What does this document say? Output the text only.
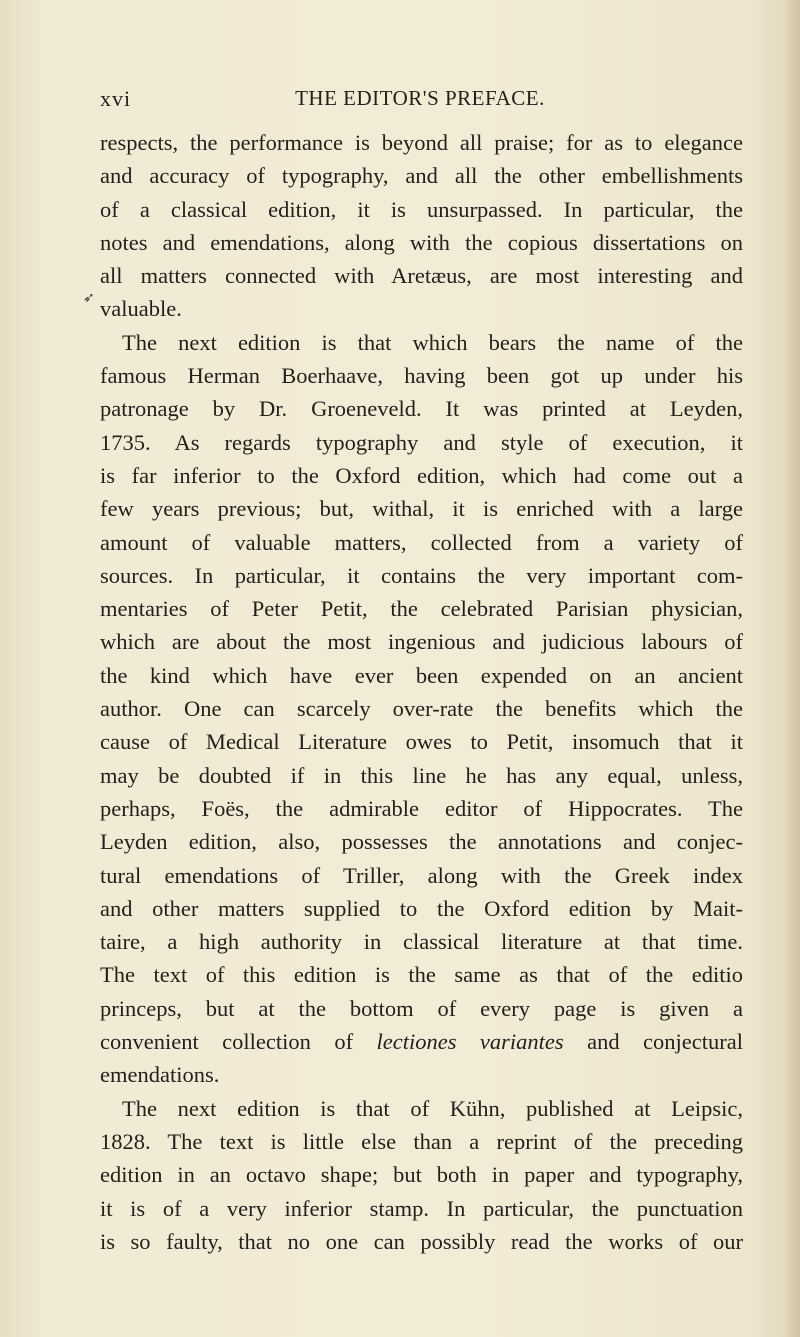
xvi	THE EDITOR'S PREFACE.
➶
respects, the performance is beyond all praise; for as to elegance
and accuracy of typography, and all the other embellishments
of a classical edition, it is unsurpassed. In particular, the
notes and emendations, along with the copious dissertations on
all matters connected with Aretæus, are most interesting and
valuable.
The next edition is that which bears the name of the
famous Herman Boerhaave, having been got up under his
patronage by Dr. Groeneveld. It was printed at Leyden,
1735. As regards typography and style of execution, it
is far inferior to the Oxford edition, which had come out a
few years previous; but, withal, it is enriched with a large
amount of valuable matters, collected from a variety of
sources. In particular, it contains the very important com-
mentaries of Peter Petit, the celebrated Parisian physician,
which are about the most ingenious and judicious labours of
the kind which have ever been expended on an ancient
author. One can scarcely over-rate the benefits which the
cause of Medical Literature owes to Petit, insomuch that it
may be doubted if in this line he has any equal, unless,
perhaps, Foës, the admirable editor of Hippocrates. The
Leyden edition, also, possesses the annotations and conjec-
tural emendations of Triller, along with the Greek index
and other matters supplied to the Oxford edition by Mait-
taire, a high authority in classical literature at that time.
The text of this edition is the same as that of the editio
princeps, but at the bottom of every page is given a
convenient collection of lectiones variantes and conjectural
emendations.
The next edition is that of Kühn, published at Leipsic,
1828. The text is little else than a reprint of the preceding
edition in an octavo shape; but both in paper and typography,
it is of a very inferior stamp. In particular, the punctuation
is so faulty, that no one can possibly read the works of our
